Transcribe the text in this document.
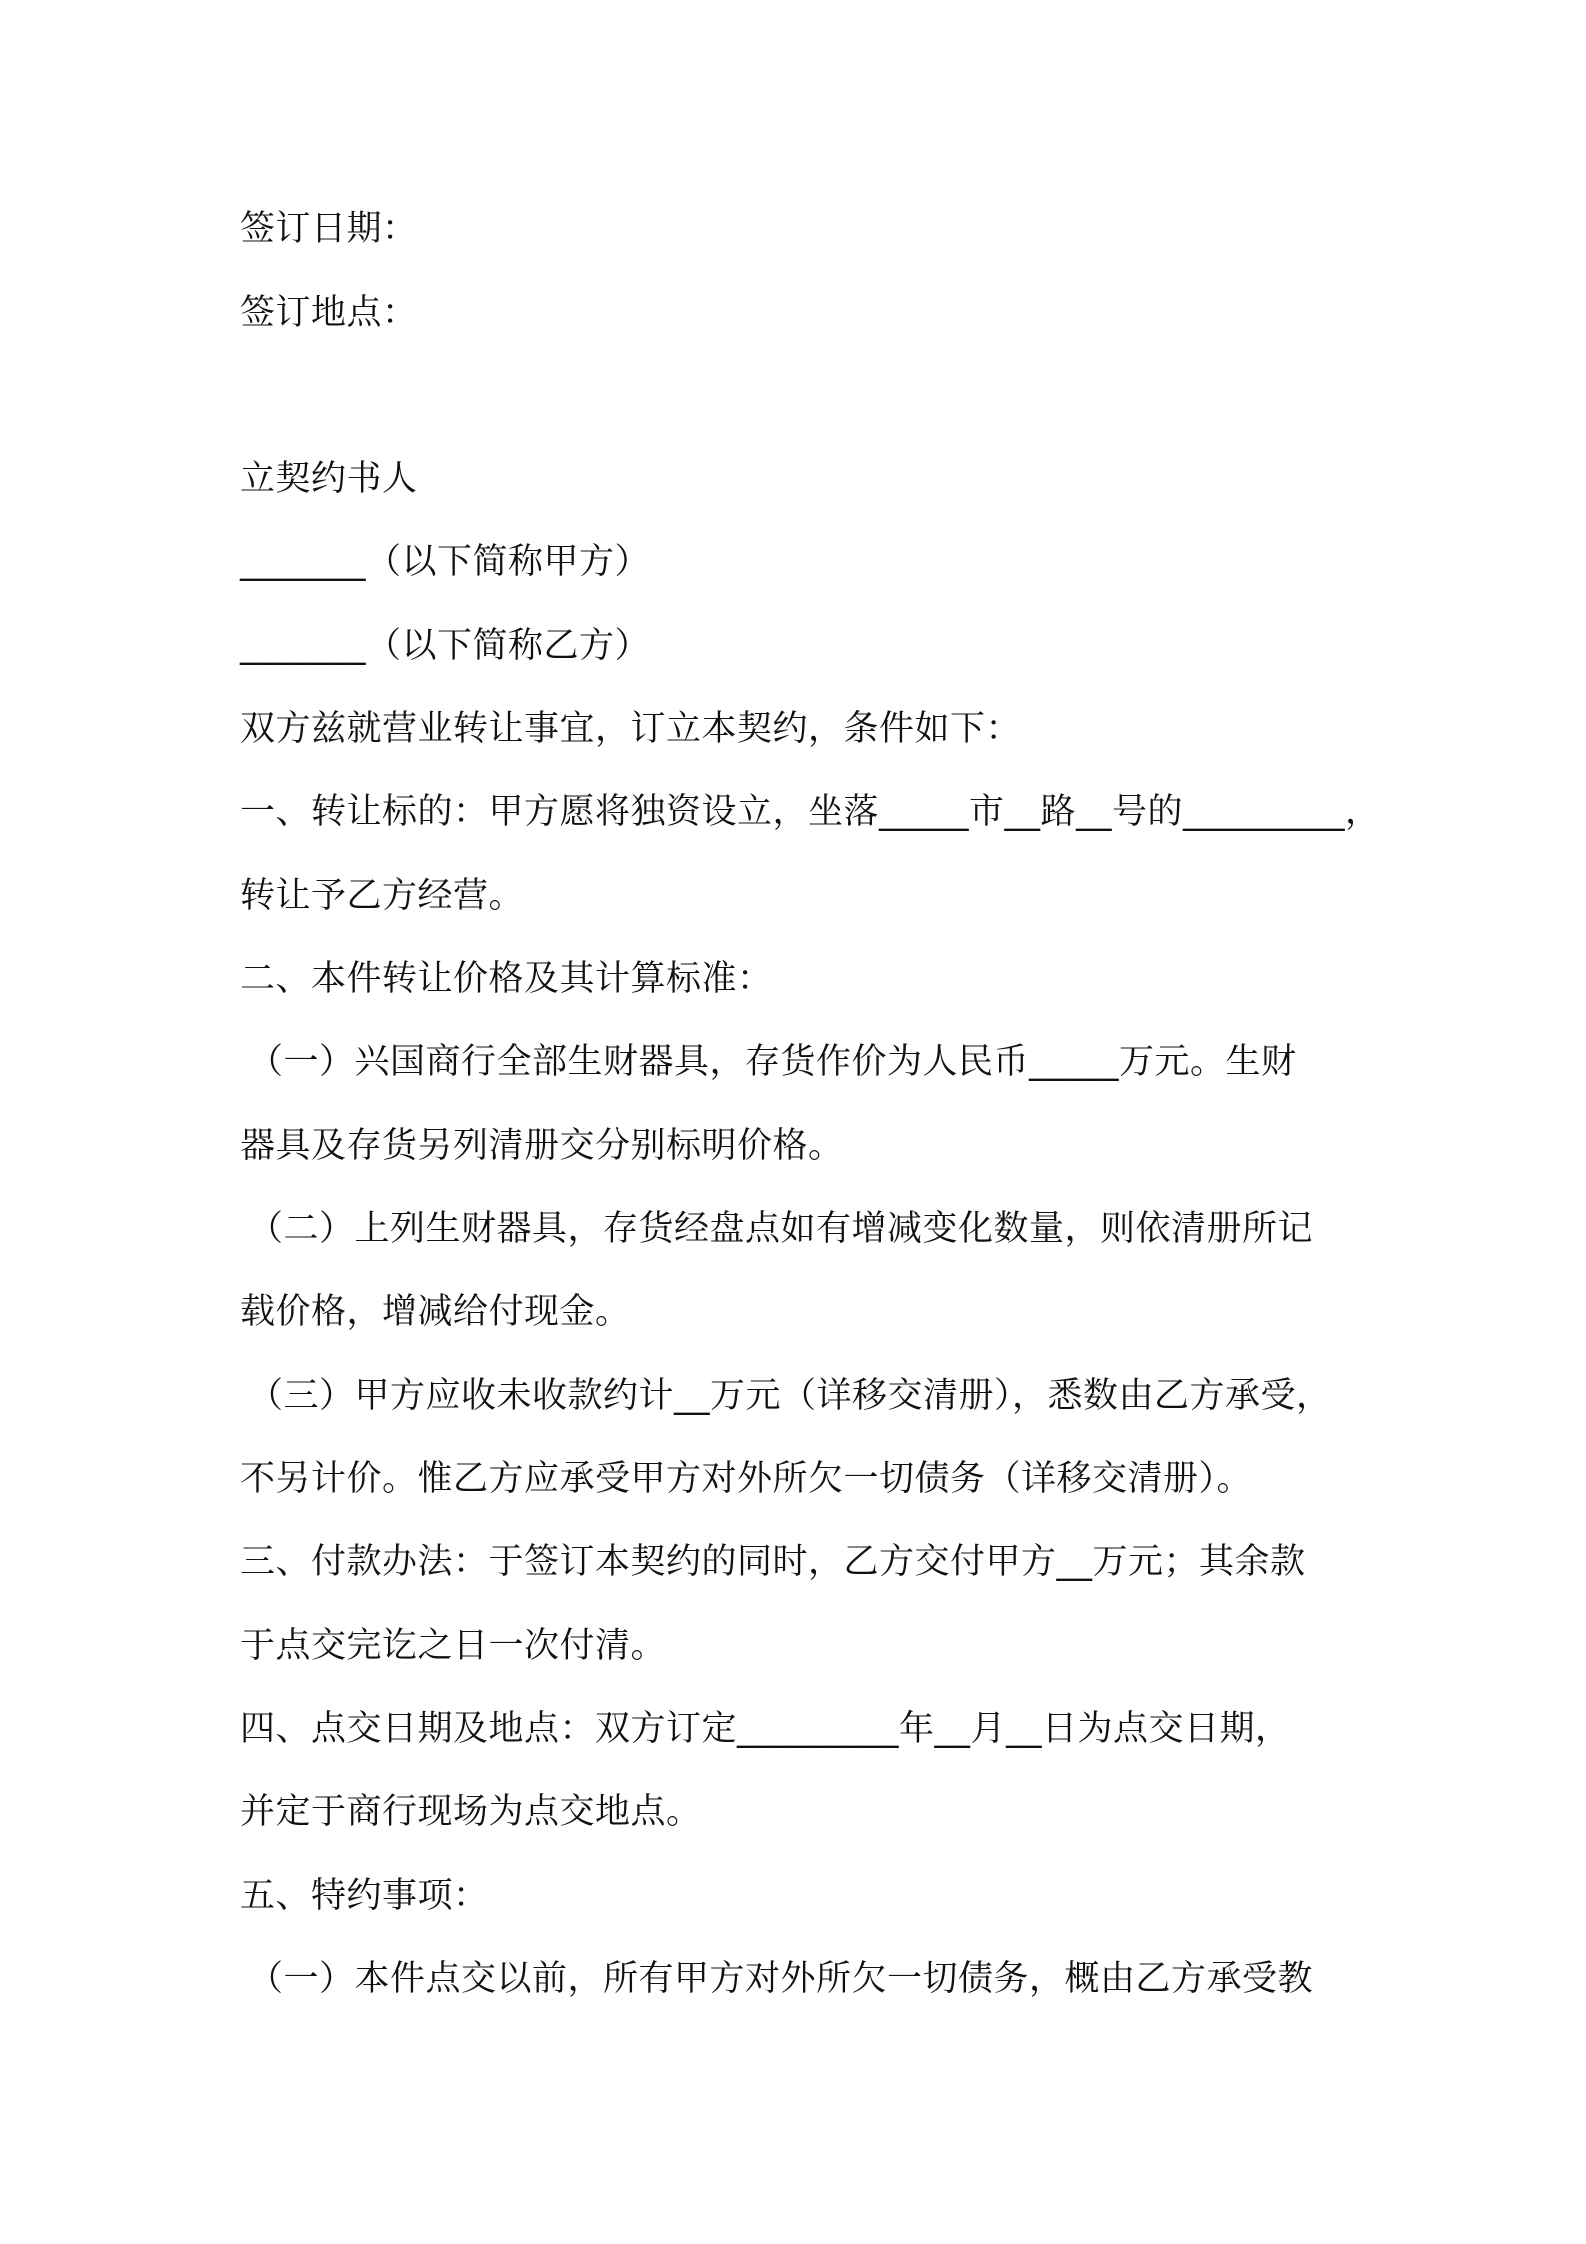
签订日期：
签订地点：
立契约书人
_______（以下简称甲方）
_______（以下简称乙方）
双方兹就营业转让事宜，订立本契约，条件如下：
一、转让标的：甲方愿将独资设立，坐落_____市__路__号的_________，
转让予乙方经营。
二、本件转让价格及其计算标准：
（一）兴国商行全部生财器具，存货作价为人民币_____万元。生财
器具及存货另列清册交分别标明价格。
（二）上列生财器具，存货经盘点如有增减变化数量，则依清册所记
载价格，增减给付现金。
（三）甲方应收未收款约计__万元（详移交清册），悉数由乙方承受，
不另计价。惟乙方应承受甲方对外所欠一切债务（详移交清册）。
三、付款办法：于签订本契约的同时，乙方交付甲方__万元；其余款
于点交完讫之日一次付清。
四、点交日期及地点：双方订定_________年__月__日为点交日期，
并定于商行现场为点交地点。
五、特约事项：
（一）本件点交以前，所有甲方对外所欠一切债务，概由乙方承受教
